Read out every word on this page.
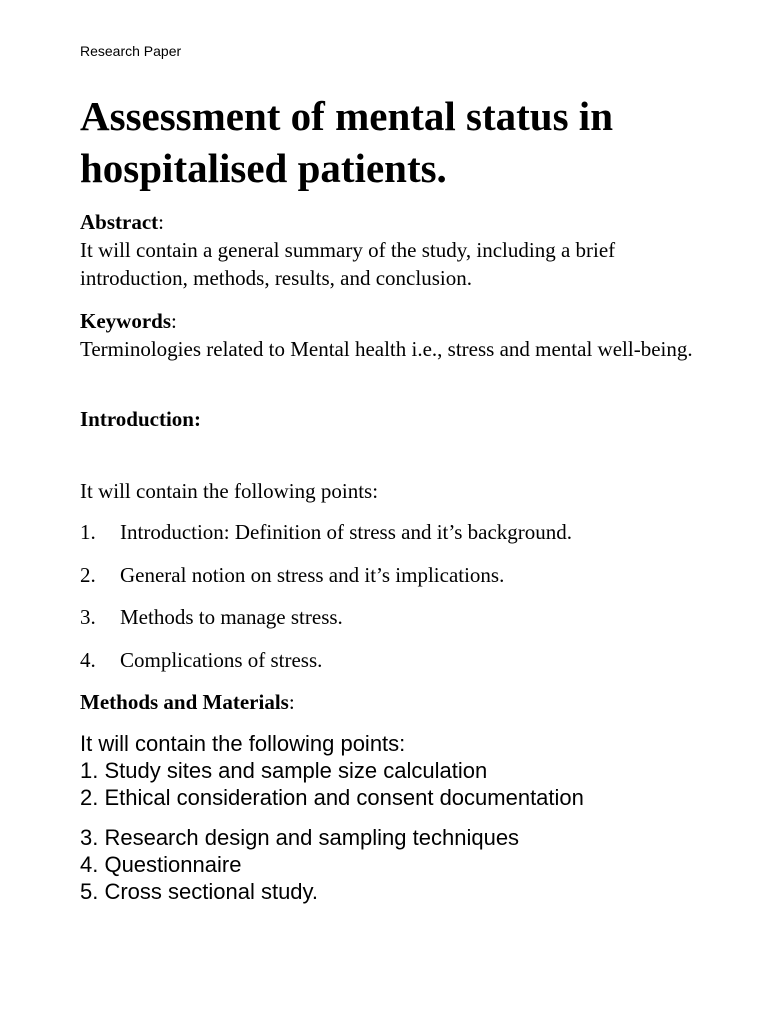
Research Paper
Assessment of mental status in hospitalised patients.

Abstract:

It will contain a general summary of the study, including a brief introduction, methods, results, and conclusion.

Keywords:

Terminologies related to Mental health i.e., stress and mental well-being.

Introduction:
It will contain the following points:
1. Introduction: Definition of stress and it’s background.
2. General notion on stress and it’s implications.
3. Methods to manage stress.
4. Complications of stress.
Methods and Materials:
It will contain the following points:
1. Study sites and sample size calculation
2. Ethical consideration and consent documentation
3. Research design and sampling techniques
4. Questionnaire
5. Cross sectional study.
